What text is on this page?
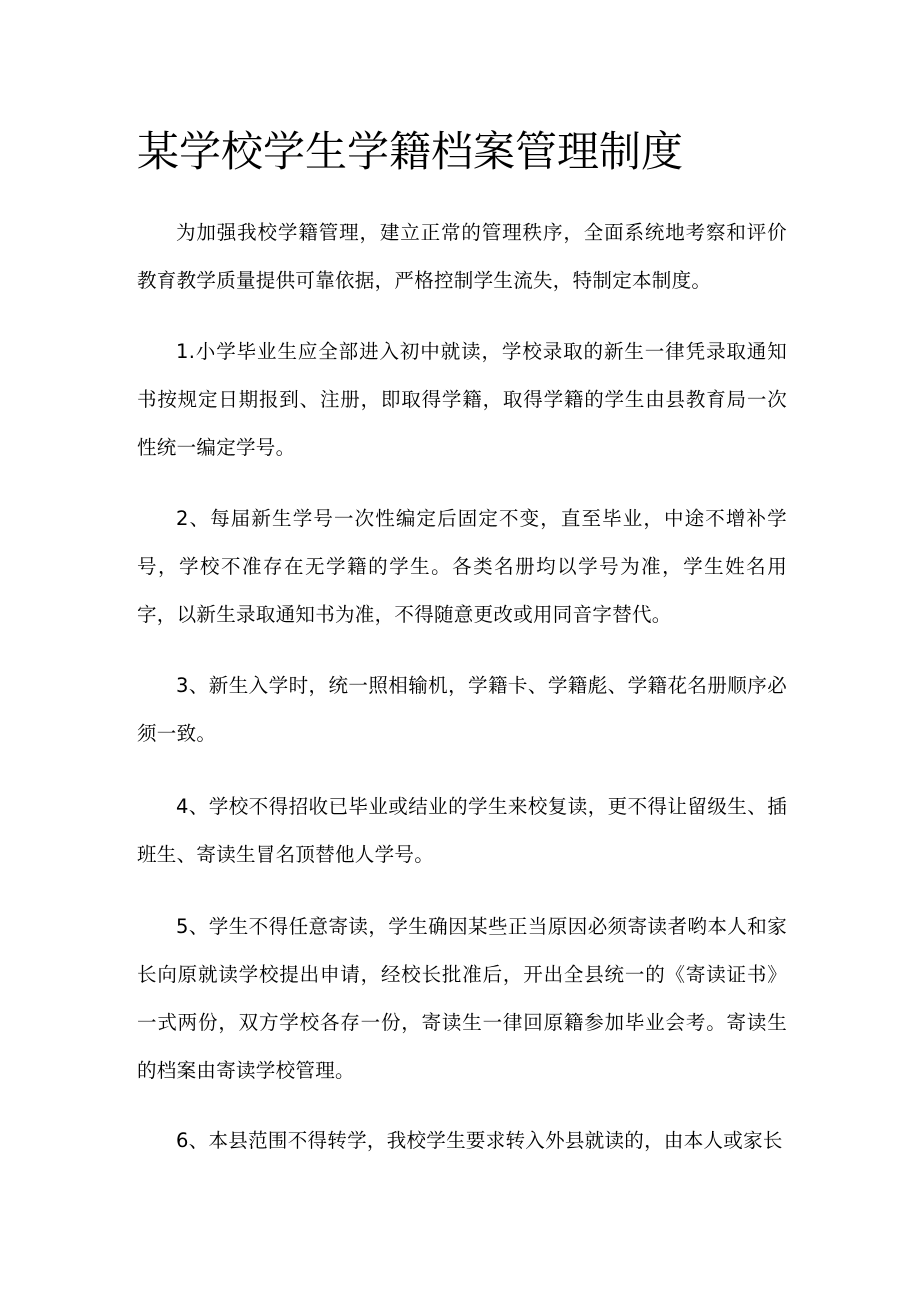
某学校学生学籍档案管理制度

为加强我校学籍管理，建立正常的管理秩序，全面系统地考察和评价教育教学质量提供可靠依据，严格控制学生流失，特制定本制度。

1.小学毕业生应全部进入初中就读，学校录取的新生一律凭录取通知书按规定日期报到、注册，即取得学籍，取得学籍的学生由县教育局一次性统一编定学号。

2、每届新生学号一次性编定后固定不变，直至毕业，中途不增补学号，学校不准存在无学籍的学生。各类名册均以学号为准，学生姓名用字，以新生录取通知书为准，不得随意更改或用同音字替代。

3、新生入学时，统一照相输机，学籍卡、学籍彪、学籍花名册顺序必须一致。

4、学校不得招收已毕业或结业的学生来校复读，更不得让留级生、插班生、寄读生冒名顶替他人学号。

5、学生不得任意寄读，学生确因某些正当原因必须寄读者哟本人和家长向原就读学校提出申请，经校长批准后，开出全县统一的《寄读证书》一式两份，双方学校各存一份，寄读生一律回原籍参加毕业会考。寄读生的档案由寄读学校管理。

6、本县范围不得转学，我校学生要求转入外县就读的，由本人或家长
